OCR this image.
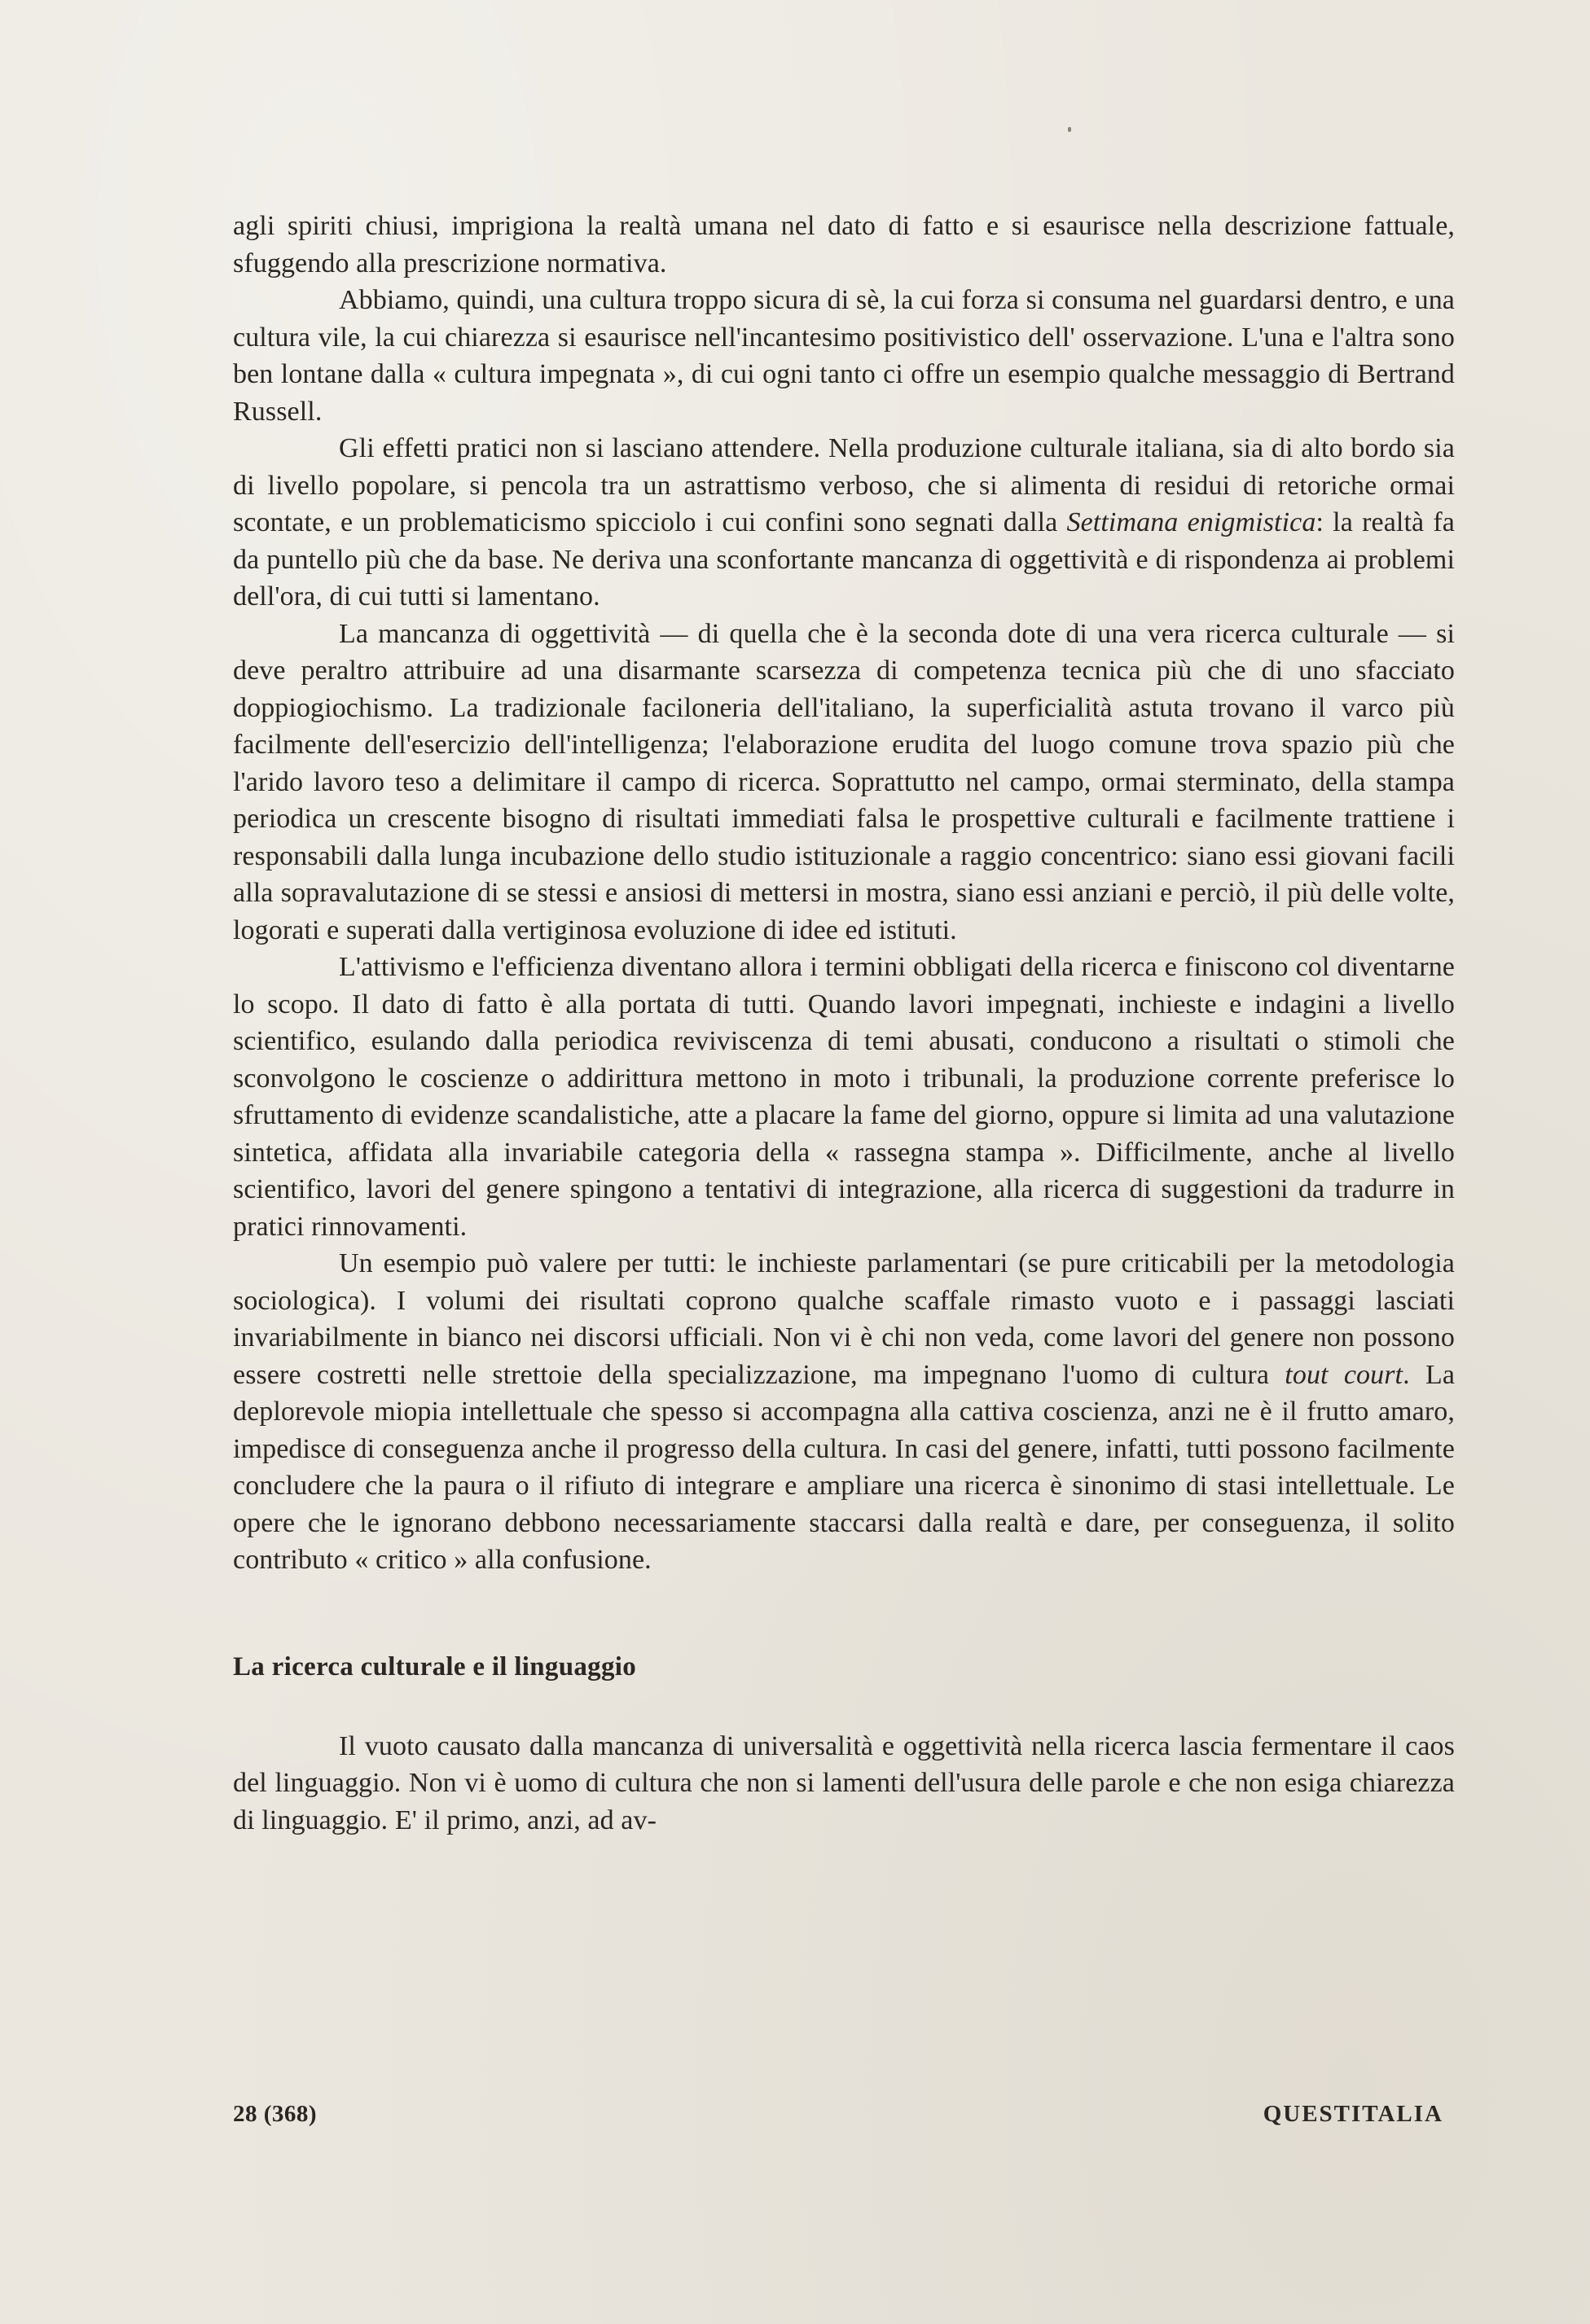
agli spiriti chiusi, imprigiona la realtà umana nel dato di fatto e si esaurisce nella descrizione fattuale, sfuggendo alla prescrizione normativa.

Abbiamo, quindi, una cultura troppo sicura di sè, la cui forza si consuma nel guardarsi dentro, e una cultura vile, la cui chiarezza si esaurisce nell'incantesimo positivistico dell' osservazione. L'una e l'altra sono ben lontane dalla « cultura impegnata », di cui ogni tanto ci offre un esempio qualche messaggio di Bertrand Russell.

Gli effetti pratici non si lasciano attendere. Nella produzione culturale italiana, sia di alto bordo sia di livello popolare, si pencola tra un astrattismo verboso, che si alimenta di residui di retoriche ormai scontate, e un problematicismo spicciolo i cui confini sono segnati dalla Settimana enigmistica: la realtà fa da puntello più che da base. Ne deriva una sconfortante mancanza di oggettività e di rispondenza ai problemi dell'ora, di cui tutti si lamentano.

La mancanza di oggettività — di quella che è la seconda dote di una vera ricerca culturale — si deve peraltro attribuire ad una disarmante scarsezza di competenza tecnica più che di uno sfacciato doppiogiochismo. La tradizionale faciloneria dell'italiano, la superficialità astuta trovano il varco più facilmente dell'esercizio dell'intelligenza; l'elaborazione erudita del luogo comune trova spazio più che l'arido lavoro teso a delimitare il campo di ricerca. Soprattutto nel campo, ormai sterminato, della stampa periodica un crescente bisogno di risultati immediati falsa le prospettive culturali e facilmente trattiene i responsabili dalla lunga incubazione dello studio istituzionale a raggio concentrico: siano essi giovani facili alla sopravalutazione di se stessi e ansiosi di mettersi in mostra, siano essi anziani e perciò, il più delle volte, logorati e superati dalla vertiginosa evoluzione di idee ed istituti.

L'attivismo e l'efficienza diventano allora i termini obbligati della ricerca e finiscono col diventarne lo scopo. Il dato di fatto è alla portata di tutti. Quando lavori impegnati, inchieste e indagini a livello scientifico, esulando dalla periodica reviviscenza di temi abusati, conducono a risultati o stimoli che sconvolgono le coscienze o addirittura mettono in moto i tribunali, la produzione corrente preferisce lo sfruttamento di evidenze scandalistiche, atte a placare la fame del giorno, oppure si limita ad una valutazione sintetica, affidata alla invariabile categoria della « rassegna stampa ». Difficilmente, anche al livello scientifico, lavori del genere spingono a tentativi di integrazione, alla ricerca di suggestioni da tradurre in pratici rinnovamenti.

Un esempio può valere per tutti: le inchieste parlamentari (se pure criticabili per la metodologia sociologica). I volumi dei risultati coprono qualche scaffale rimasto vuoto e i passaggi lasciati invariabilmente in bianco nei discorsi ufficiali. Non vi è chi non veda, come lavori del genere non possono essere costretti nelle strettoie della specializzazione, ma impegnano l'uomo di cultura tout court. La deplorevole miopia intellettuale che spesso si accompagna alla cattiva coscienza, anzi ne è il frutto amaro, impedisce di conseguenza anche il progresso della cultura. In casi del genere, infatti, tutti possono facilmente concludere che la paura o il rifiuto di integrare e ampliare una ricerca è sinonimo di stasi intellettuale. Le opere che le ignorano debbono necessariamente staccarsi dalla realtà e dare, per conseguenza, il solito contributo « critico » alla confusione.

La ricerca culturale e il linguaggio

Il vuoto causato dalla mancanza di universalità e oggettività nella ricerca lascia fermentare il caos del linguaggio. Non vi è uomo di cultura che non si lamenti dell'usura delle parole e che non esiga chiarezza di linguaggio. E' il primo, anzi, ad av-

28 (368)	QUESTITALIA
